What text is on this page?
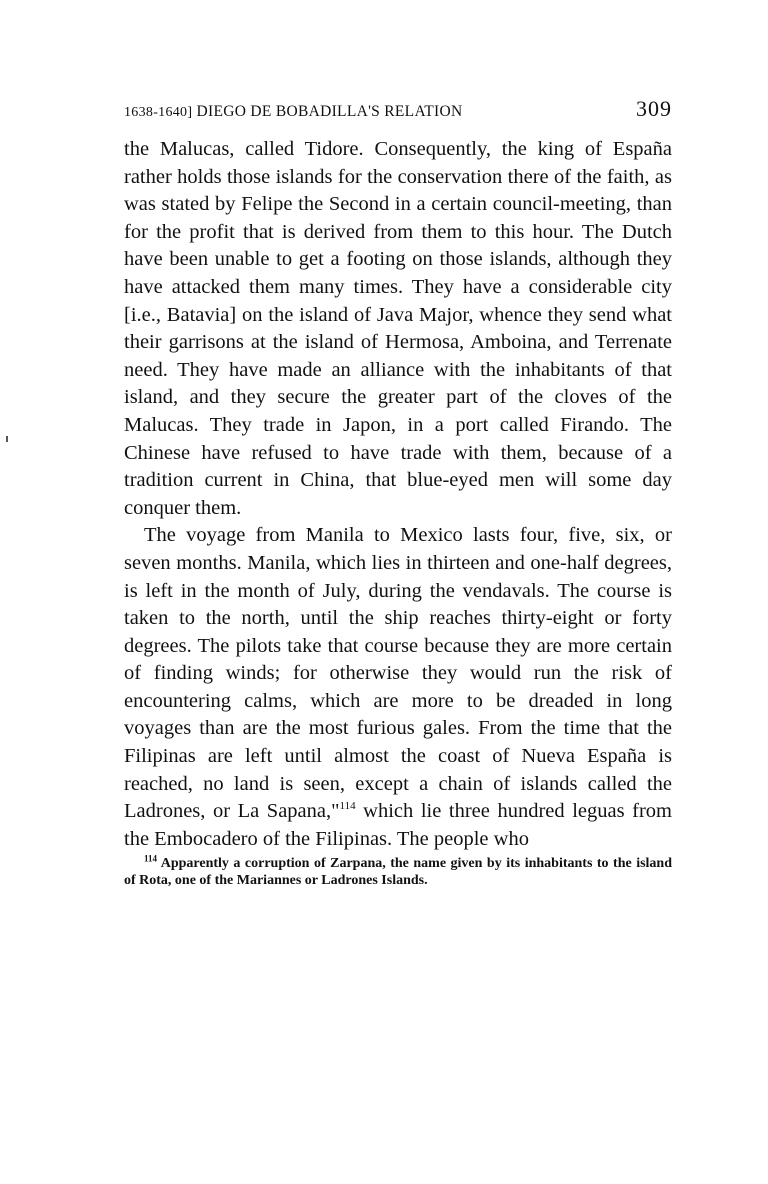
1638-1640] DIEGO DE BOBADILLA'S RELATION	309

the Malucas, called Tidore. Consequently, the king of España rather holds those islands for the conservation there of the faith, as was stated by Felipe the Second in a certain council-meeting, than for the profit that is derived from them to this hour. The Dutch have been unable to get a footing on those islands, although they have attacked them many times. They have a considerable city [i.e., Batavia] on the island of Java Major, whence they send what their garrisons at the island of Hermosa, Amboina, and Terrenate need. They have made an alliance with the inhabitants of that island, and they secure the greater part of the cloves of the Malucas. They trade in Japon, in a port called Firando. The Chinese have refused to have trade with them, because of a tradition current in China, that blue-eyed men will some day conquer them.

The voyage from Manila to Mexico lasts four, five, six, or seven months. Manila, which lies in thirteen and one-half degrees, is left in the month of July, during the vendavals. The course is taken to the north, until the ship reaches thirty-eight or forty degrees. The pilots take that course because they are more certain of finding winds; for otherwise they would run the risk of encountering calms, which are more to be dreaded in long voyages than are the most furious gales. From the time that the Filipinas are left until almost the coast of Nueva España is reached, no land is seen, except a chain of islands called the Ladrones, or La Sapana,"$^{114}$ which lie three hundred leguas from the Embocadero of the Filipinas. The people who

$^{114}$ Apparently a corruption of Zarpana, the name given by its inhabitants to the island of Rota, one of the Mariannes or Ladrones Islands.
